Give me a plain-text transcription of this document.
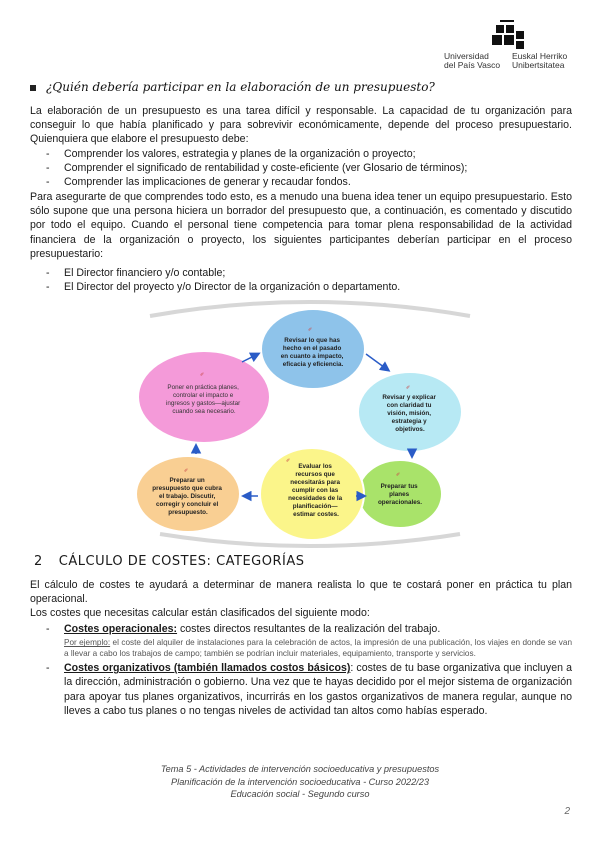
Universidad
del País Vasco
Euskal Herriko
Unibertsitatea
¿Quién debería participar en la elaboración de un presupuesto?
La elaboración de un presupuesto es una tarea difícil y responsable. La capacidad de tu organización para conseguir lo que había planificado y para sobrevivir económicamente, depende del proceso presupuestario. Quienquiera que elabore el presupuesto debe:
- Comprender los valores, estrategia y planes de la organización o proyecto;
- Comprender el significado de rentabilidad y coste-eficiente (ver Glosario de términos);
- Comprender las implicaciones de generar y recaudar fondos.
Para asegurarte de que comprendes todo esto, es a menudo una buena idea tener un equipo presupuestario. Esto sólo supone que una persona hiciera un borrador del presupuesto que, a continuación, es comentado y discutido por todo el equipo. Cuando el personal tiene competencia para tomar plena responsabilidad de la actividad financiera de la organización o proyecto, los siguientes participantes deberían participar en el proceso presupuestario:
- El Director financiero y/o contable;
- El Director del proyecto y/o Director de la organización o departamento.
✐
Revisar lo que has hecho en el pasado en cuanto a impacto, eficacia y eficiencia.
✐
Revisar y explicar con claridad tu visión, misión, estrategia y objetivos.
✐
Preparar tus planes operacionales.
✐
Evaluar los recursos que necesitarás para cumplir con las necesidades de la planificación— estimar costes.
✐
Preparar un presupuesto que cubra el trabajo. Discutir, corregir y concluir el presupuesto.
✐
Poner en práctica planes, controlar el impacto e ingresos y gastos—ajustar cuando sea necesario.
2 CÁLCULO DE COSTES: CATEGORÍAS
El cálculo de costes te ayudará a determinar de manera realista lo que te costará poner en práctica tu plan operacional.
Los costes que necesitas calcular están clasificados del siguiente modo:
- Costes operacionales: costes directos resultantes de la realización del trabajo.
Por ejemplo: el coste del alquiler de instalaciones para la celebración de actos, la impresión de una publicación, los viajes en donde se van a llevar a cabo los trabajos de campo; también se podrían incluir materiales, equipamiento, transporte y servicios.
- Costes organizativos (también llamados costos básicos): costes de tu base organizativa que incluyen a la dirección, administración o gobierno. Una vez que te hayas decidido por el mejor sistema de organización para apoyar tus planes organizativos, incurrirás en los gastos organizativos de manera regular, aunque no lleves a cabo tus planes o no tengas niveles de actividad tan altos como habías esperado.
Tema 5 - Actividades de intervención socioeducativa y presupuestos
Planificación de la intervención socioeducativa - Curso 2022/23
Educación social - Segundo curso
2
